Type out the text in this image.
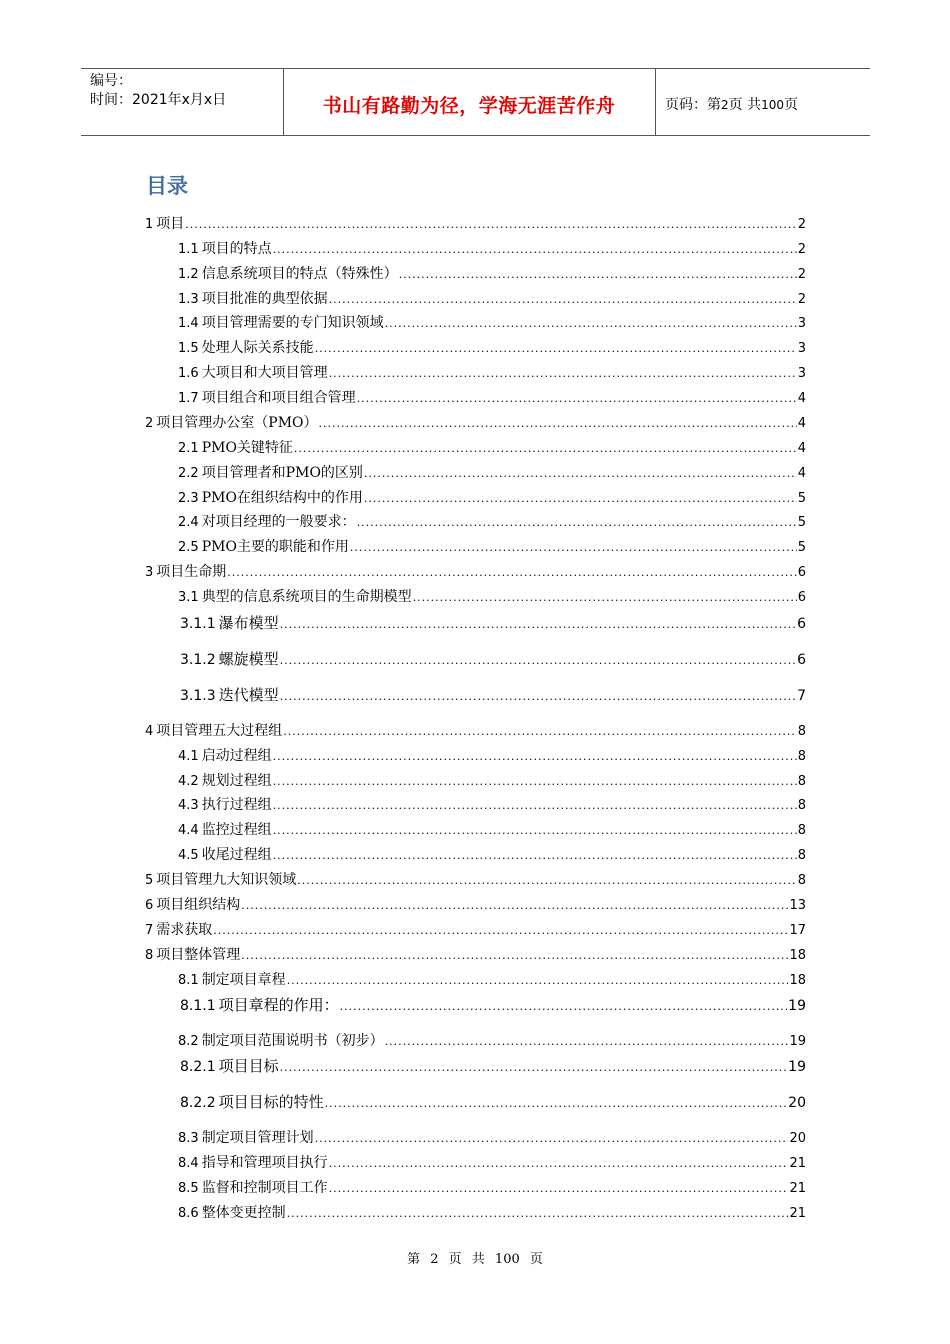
编号：
时间：2021年x月x日	书山有路勤为径，学海无涯苦作舟	页码：第2页 共100页
目录
1 项目 .....	2
1.1 项目的特点 .....	2
1.2 信息系统项目的特点（特殊性） .....	2
1.3 项目批准的典型依据 .....	2
1.4 项目管理需要的专门知识领域 .....	3
1.5 处理人际关系技能 .....	3
1.6 大项目和大项目管理 .....	3
1.7 项目组合和项目组合管理 .....	4
2 项目管理办公室（PMO） .....	4
2.1 PMO关键特征 .....	4
2.2 项目管理者和PMO的区别 .....	4
2.3 PMO在组织结构中的作用 .....	5
2.4 对项目经理的一般要求： .....	5
2.5 PMO主要的职能和作用 .....	5
3 项目生命期 .....	6
3.1 典型的信息系统项目的生命期模型 .....	6
3.1.1 瀑布模型 .....	6
3.1.2 螺旋模型 .....	6
3.1.3 迭代模型 .....	7
4 项目管理五大过程组 .....	8
4.1 启动过程组 .....	8
4.2 规划过程组 .....	8
4.3 执行过程组 .....	8
4.4 监控过程组 .....	8
4.5 收尾过程组 .....	8
5 项目管理九大知识领域 .....	8
6 项目组织结构 .....	13
7 需求获取 .....	17
8 项目整体管理 .....	18
8.1 制定项目章程 .....	18
8.1.1 项目章程的作用： .....	19
8.2 制定项目范围说明书（初步） .....	19
8.2.1 项目目标 .....	19
8.2.2 项目目标的特性 .....	20
8.3 制定项目管理计划 .....	20
8.4 指导和管理项目执行 .....	21
8.5 监督和控制项目工作 .....	21
8.6 整体变更控制 .....	21
第 2 页 共 100 页
